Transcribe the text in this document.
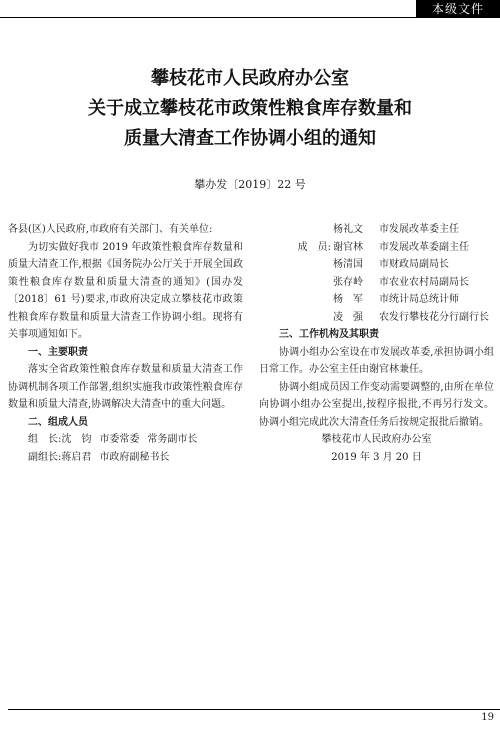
本级文件
攀枝花市人民政府办公室
关于成立攀枝花市政策性粮食库存数量和
质量大清查工作协调小组的通知
攀办发〔2019〕22 号

各县(区)人民政府,市政府有关部门、有关单位:

为切实做好我市 2019 年政策性粮食库存数量和质量大清查工作,根据《国务院办公厅关于开展全国政策性粮食库存数量和质量大清查的通知》(国办发〔2018〕61 号)要求,市政府决定成立攀枝花市政策性粮食库存数量和质量大清查工作协调小组。现将有关事项通知如下。

一、主要职责

落实全省政策性粮食库存数量和质量大清查工作协调机制各项工作部署,组织实施我市政策性粮食库存数量和质量大清查,协调解决大清查中的重大问题。

二、组成人员

组　长:沈　钧 市委常委 常务副市长

副组长:蒋启君 市政府副秘书长

杨礼文	市发展改革委主任

成　员: 谢官林	市发展改革委副主任

杨清国	市财政局副局长

张存岭	市农业农村局副局长

杨　军	市统计局总统计师

凌　强	农发行攀枝花分行副行长

三、工作机构及其职责

协调小组办公室设在市发展改革委,承担协调小组日常工作。办公室主任由谢官林兼任。

协调小组成员因工作变动需要调整的,由所在单位向协调小组办公室提出,按程序报批,不再另行发文。协调小组完成此次大清查任务后按规定报批后撤销。

攀枝花市人民政府办公室

2019 年 3 月 20 日

19
